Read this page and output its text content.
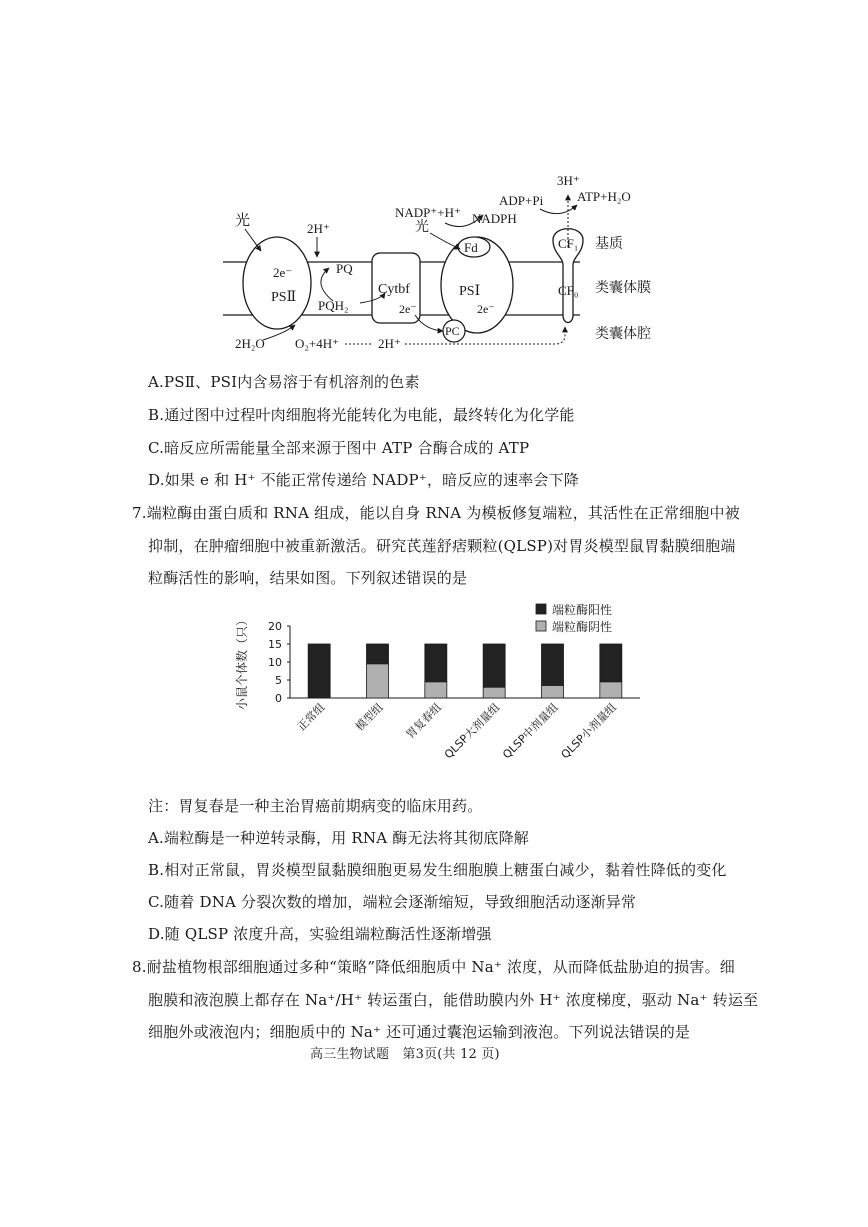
2e⁻
PSⅡ
Cytbf
2e⁻
PSⅠ
2e⁻
Fd
PC
CF₁
CF₀
基质
类囊体膜
类囊体腔
光	2H⁺
PQ
PQH₂
NADP⁺+H⁺
光
NADPH
ADP+Pi	ATP+H₂O
3H⁺
2H₂O O₂+4H⁺	2H⁺
A.PSⅡ、PSⅠ内含易溶于有机溶剂的色素
B.通过图中过程叶肉细胞将光能转化为电能，最终转化为化学能
C.暗反应所需能量全部来源于图中 ATP 合酶合成的 ATP
D.如果 e 和 H⁺ 不能正常传递给 NADP⁺，暗反应的速率会下降
7.端粒酶由蛋白质和 RNA 组成，能以自身 RNA 为模板修复端粒，其活性在正常细胞中被
抑制，在肿瘤细胞中被重新激活。研究芪莲舒痞颗粒(QLSP)对胃炎模型鼠胃黏膜细胞端
粒酶活性的影响，结果如图。下列叙述错误的是
0
5
10
15
20
小鼠个体数（只）
正常组 模型组 胃复春组
QLSP大剂量组
QLSP中剂量组
QLSP小剂量组
端粒酶阳性
端粒酶阴性
注：胃复春是一种主治胃癌前期病变的临床用药。
A.端粒酶是一种逆转录酶，用 RNA 酶无法将其彻底降解
B.相对正常鼠，胃炎模型鼠黏膜细胞更易发生细胞膜上糖蛋白减少，黏着性降低的变化
C.随着 DNA 分裂次数的增加，端粒会逐渐缩短，导致细胞活动逐渐异常
D.随 QLSP 浓度升高，实验组端粒酶活性逐渐增强
8.耐盐植物根部细胞通过多种“策略”降低细胞质中 Na⁺ 浓度，从而降低盐胁迫的损害。细
胞膜和液泡膜上都存在 Na⁺/H⁺ 转运蛋白，能借助膜内外 H⁺ 浓度梯度，驱动 Na⁺ 转运至
细胞外或液泡内；细胞质中的 Na⁺ 还可通过囊泡运输到液泡。下列说法错误的是
高三生物试题　第3页(共 12 页)
